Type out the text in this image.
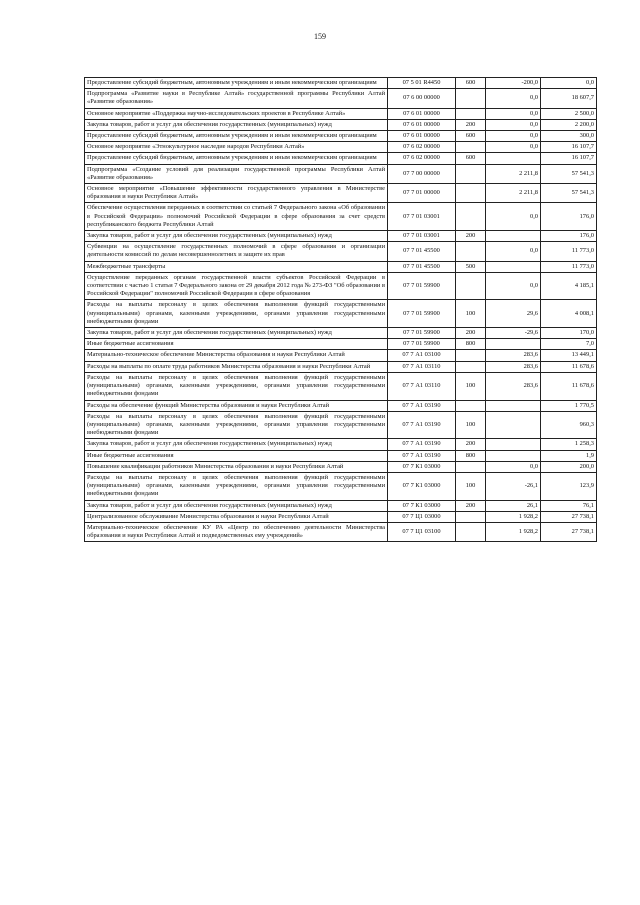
159
Предоставление субсидий бюджетным, автономным учреждениям и иным некоммерческим организациям	07 5 01 R4450	600	-200,0	0,0
Подпрограмма «Развитие науки в Республике Алтай» государственной программы Республики Алтай «Развитие образования»	07 6 00 00000		0,0	18 607,7
Основное мероприятие «Поддержка научно-исследовательских проектов в Республике Алтай»	07 6 01 00000		0,0	2 500,0
Закупка товаров, работ и услуг для обеспечения государственных (муниципальных) нужд	07 6 01 00000	200	0,0	2 200,0
Предоставление субсидий бюджетным, автономным учреждениям и иным некоммерческим организациям	07 6 01 00000	600	0,0	300,0
Основное мероприятие «Этнокультурное наследие народов Республики Алтай»	07 6 02 00000		0,0	16 107,7
Предоставление субсидий бюджетным, автономным учреждениям и иным некоммерческим организациям	07 6 02 00000	600		16 107,7
Подпрограмма «Создание условий для реализации государственной программы Республики Алтай «Развитие образования»	07 7 00 00000		2 211,8	57 541,3
Основное мероприятие «Повышение эффективности государственного управления в Министерстве образования и науки Республики Алтай»	07 7 01 00000		2 211,8	57 541,3
Обеспечение осуществления переданных в соответствии со статьей 7 Федерального закона «Об образовании в Российской Федерации» полномочий Российской Федерации в сфере образования за счет средств республиканского бюджета Республики Алтай	07 7 01 03001		0,0	176,0
Закупка товаров, работ и услуг для обеспечения государственных (муниципальных) нужд	07 7 01 03001	200		176,0
Субвенции на осуществление государственных полномочий в сфере образования и организации деятельности комиссий по делам несовершеннолетних и защите их прав	07 7 01 45500		0,0	11 773,0
Межбюджетные трансферты	07 7 01 45500	500		11 773,0
Осуществление переданных органам государственной власти субъектов Российской Федерации в соответствии с частью 1 статьи 7 Федерального закона от 29 декабря 2012 года № 273-ФЗ "Об образовании в Российской Федерации" полномочий Российской Федерации в сфере образования	07 7 01 59900		0,0	4 185,1
Расходы на выплаты персоналу в целях обеспечения выполнения функций государственными (муниципальными) органами, казенными учреждениями, органами управления государственными внебюджетными фондами	07 7 01 59900	100	29,6	4 008,1
Закупка товаров, работ и услуг для обеспечения государственных (муниципальных) нужд	07 7 01 59900	200	-29,6	170,0
Иные бюджетные ассигнования	07 7 01 59900	800		7,0
Материально-техническое обеспечение Министерства образования и науки Республики Алтай	07 7 А1 03100		283,6	13 449,1
Расходы на выплаты по оплате труда работников Министерства образования и науки Республики Алтай	07 7 А1 03110		283,6	11 678,6
Расходы на выплаты персоналу в целях обеспечения выполнения функций государственными (муниципальными) органами, казенными учреждениями, органами управления государственными внебюджетными фондами	07 7 А1 03110	100	283,6	11 678,6
Расходы на обеспечение функций Министерства образования и науки Республики Алтай	07 7 А1 03190			1 770,5
Расходы на выплаты персоналу в целях обеспечения выполнения функций государственными (муниципальными) органами, казенными учреждениями, органами управления государственными внебюджетными фондами	07 7 А1 03190	100		960,3
Закупка товаров, работ и услуг для обеспечения государственных (муниципальных) нужд	07 7 А1 03190	200		1 258,3
Иные бюджетные ассигнования	07 7 А1 03190	800		1,9
Повышение квалификации работников Министерства образования и науки Республики Алтай	07 7 К1 03000		0,0	200,0
Расходы на выплаты персоналу в целях обеспечения выполнения функций государственными (муниципальными) органами, казенными учреждениями, органами управления государственными внебюджетными фондами	07 7 К1 03000	100	-26,1	123,9
Закупка товаров, работ и услуг для обеспечения государственных (муниципальных) нужд	07 7 К1 03000	200	26,1	76,1
Централизованное обслуживание Министерства образования и науки Республики Алтай	07 7 Ц1 03000		1 928,2	27 738,1
Материально-техническое обеспечение КУ РА «Центр по обеспечению деятельности Министерства образования и науки Республики Алтай и подведомственных ему учреждений»	07 7 Ц1 03100		1 928,2	27 738,1
